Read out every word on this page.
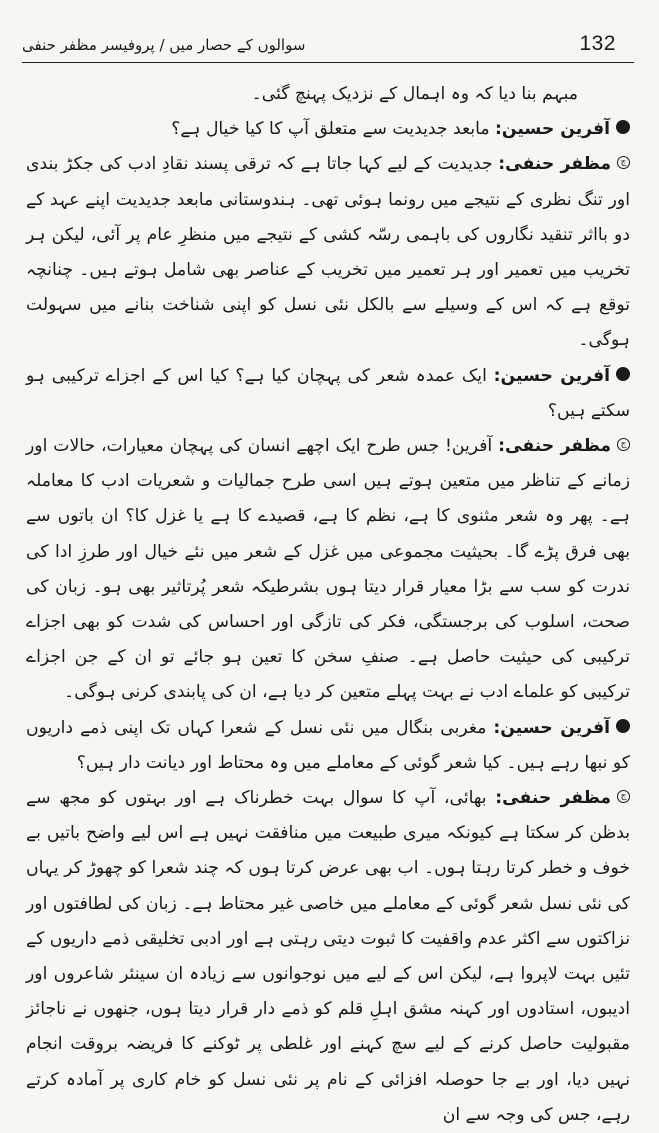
سوالوں کے حصار میں / پروفیسر مظفر حنفی	132

مبہم بنا دیا کہ وہ اہمال کے نزدیک پہنچ گئی۔

آفرین حسین: مابعد جدیدیت سے متعلق آپ کا کیا خیال ہے؟

جمظفر حنفی: جدیدیت کے لیے کہا جاتا ہے کہ ترقی پسند نقادِ ادب کی جکڑ بندی اور تنگ نظری کے نتیجے میں رونما ہوئی تھی۔ ہندوستانی مابعد جدیدیت اپنے عہد کے دو بااثر تنقید نگاروں کی باہمی رسّہ کشی کے نتیجے میں منظرِ عام پر آئی، لیکن ہر تخریب میں تعمیر اور ہر تعمیر میں تخریب کے عناصر بھی شامل ہوتے ہیں۔ چنانچہ توقع ہے کہ اس کے وسیلے سے بالکل نئی نسل کو اپنی شناخت بنانے میں سہولت ہوگی۔

آفرین حسین: ایک عمدہ شعر کی پہچان کیا ہے؟ کیا اس کے اجزاے ترکیبی ہو سکتے ہیں؟

جمظفر حنفی: آفرین! جس طرح ایک اچھے انسان کی پہچان معیارات، حالات اور زمانے کے تناظر میں متعین ہوتے ہیں اسی طرح جمالیات و شعریات ادب کا معاملہ ہے۔ پھر وہ شعر مثنوی کا ہے، نظم کا ہے، قصیدے کا ہے یا غزل کا؟ ان باتوں سے بھی فرق پڑے گا۔ بحیثیت مجموعی میں غزل کے شعر میں نئے خیال اور طرزِ ادا کی ندرت کو سب سے بڑا معیار قرار دیتا ہوں بشرطیکہ شعر پُرتاثیر بھی ہو۔ زبان کی صحت، اسلوب کی برجستگی، فکر کی تازگی اور احساس کی شدت کو بھی اجزاے ترکیبی کی حیثیت حاصل ہے۔ صنفِ سخن کا تعین ہو جائے تو ان کے جن اجزاے ترکیبی کو علماے ادب نے بہت پہلے متعین کر دیا ہے، ان کی پابندی کرنی ہوگی۔

آفرین حسین: مغربی بنگال میں نئی نسل کے شعرا کہاں تک اپنی ذمے داریوں کو نبھا رہے ہیں۔ کیا شعر گوئی کے معاملے میں وہ محتاط اور دیانت دار ہیں؟

جمظفر حنفی: بھائی، آپ کا سوال بہت خطرناک ہے اور بہتوں کو مجھ سے بدظن کر سکتا ہے کیونکہ میری طبیعت میں منافقت نہیں ہے اس لیے واضح باتیں بے خوف و خطر کرتا رہتا ہوں۔ اب بھی عرض کرتا ہوں کہ چند شعرا کو چھوڑ کر یہاں کی نئی نسل شعر گوئی کے معاملے میں خاصی غیر محتاط ہے۔ زبان کی لطافتوں اور نزاکتوں سے اکثر عدم واقفیت کا ثبوت دیتی رہتی ہے اور ادبی تخلیقی ذمے داریوں کے تئیں بہت لاپروا ہے، لیکن اس کے لیے میں نوجوانوں سے زیادہ ان سینئر شاعروں اور ادیبوں، استادوں اور کہنہ مشق اہلِ قلم کو ذمے دار قرار دیتا ہوں، جنھوں نے ناجائز مقبولیت حاصل کرنے کے لیے سچ کہنے اور غلطی پر ٹوکنے کا فریضہ بروقت انجام نہیں دیا، اور بے جا حوصلہ افزائی کے نام پر نئی نسل کو خام کاری پر آمادہ کرتے رہے، جس کی وجہ سے ان
